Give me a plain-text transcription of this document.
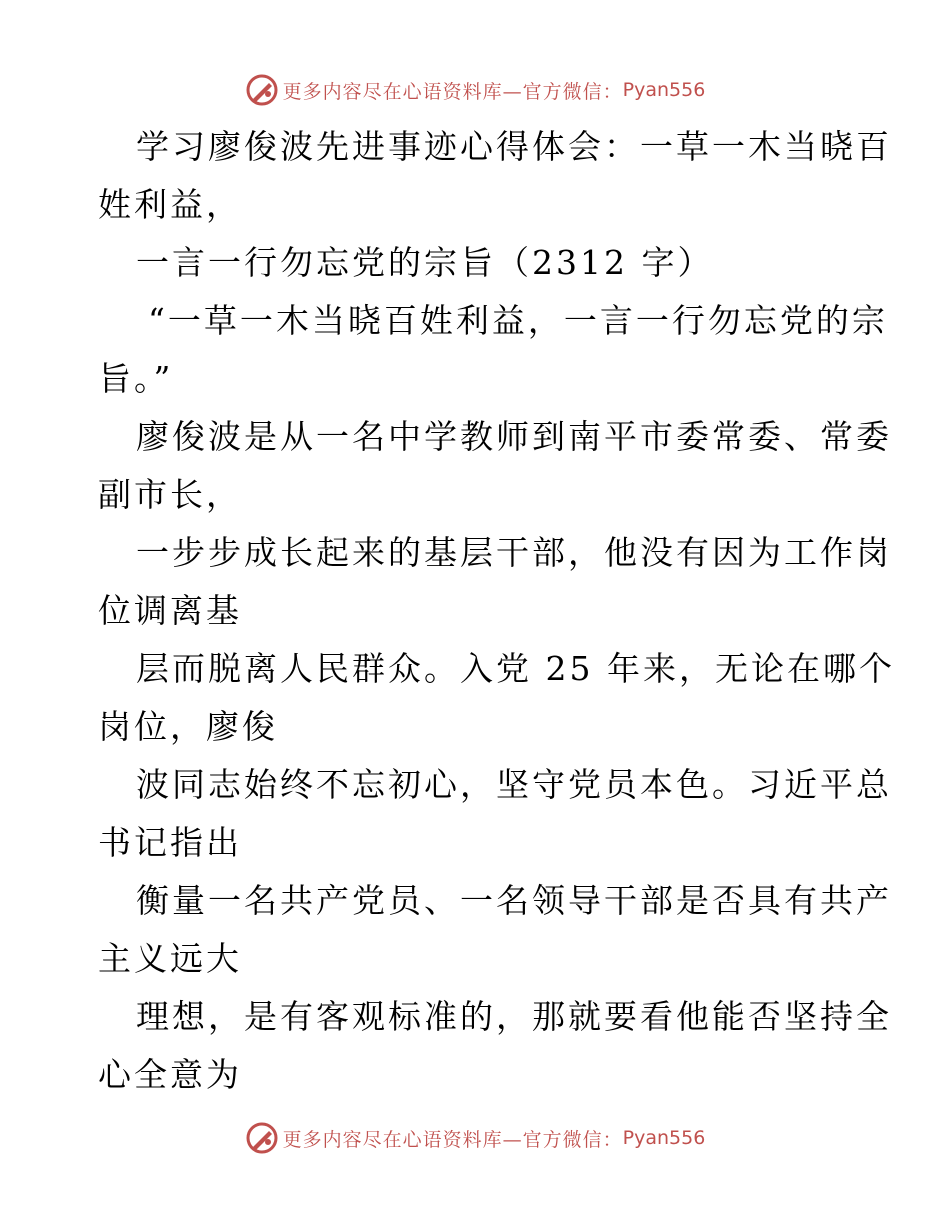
更多内容尽在心语资料库—官方微信： Pyan556

学习廖俊波先进事迹心得体会：一草一木当晓百
姓利益，

一言一行勿忘党的宗旨（2312 字）

“一草一木当晓百姓利益，一言一行勿忘党的宗
旨。”

廖俊波是从一名中学教师到南平市委常委、常委
副市长，

一步步成长起来的基层干部，他没有因为工作岗
位调离基

层而脱离人民群众。入党 25 年来，无论在哪个
岗位，廖俊

波同志始终不忘初心，坚守党员本色。习近平总
书记指出

衡量一名共产党员、一名领导干部是否具有共产
主义远大

理想，是有客观标准的，那就要看他能否坚持全
心全意为

更多内容尽在心语资料库—官方微信： Pyan556
